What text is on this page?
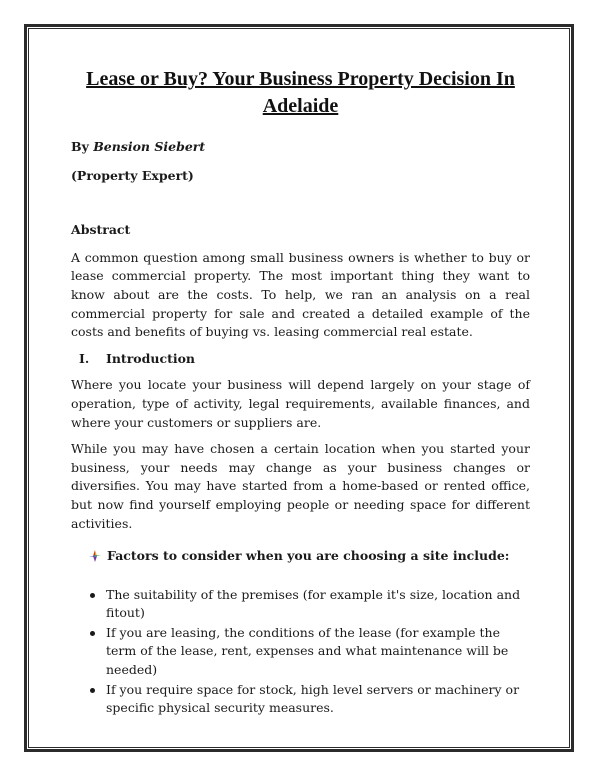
Lease or Buy? Your Business Property Decision In Adelaide
By Bension Siebert
(Property Expert)
Abstract

A common question among small business owners is whether to buy or lease commercial property. The most important thing they want to know about are the costs. To help, we ran an analysis on a real commercial property for sale and created a detailed example of the costs and benefits of buying vs. leasing commercial real estate.

I.	Introduction

Where you locate your business will depend largely on your stage of operation, type of activity, legal requirements, available finances, and where your customers or suppliers are.

While you may have chosen a certain location when you started your business, your needs may change as your business changes or diversifies. You may have started from a home-based or rented office, but now find yourself employing people or needing space for different activities.

Factors to consider when you are choosing a site include:
The suitability of the premises (for example it's size, location and fitout)
If you are leasing, the conditions of the lease (for example the term of the lease, rent, expenses and what maintenance will be needed)
If you require space for stock, high level servers or machinery or specific physical security measures.
